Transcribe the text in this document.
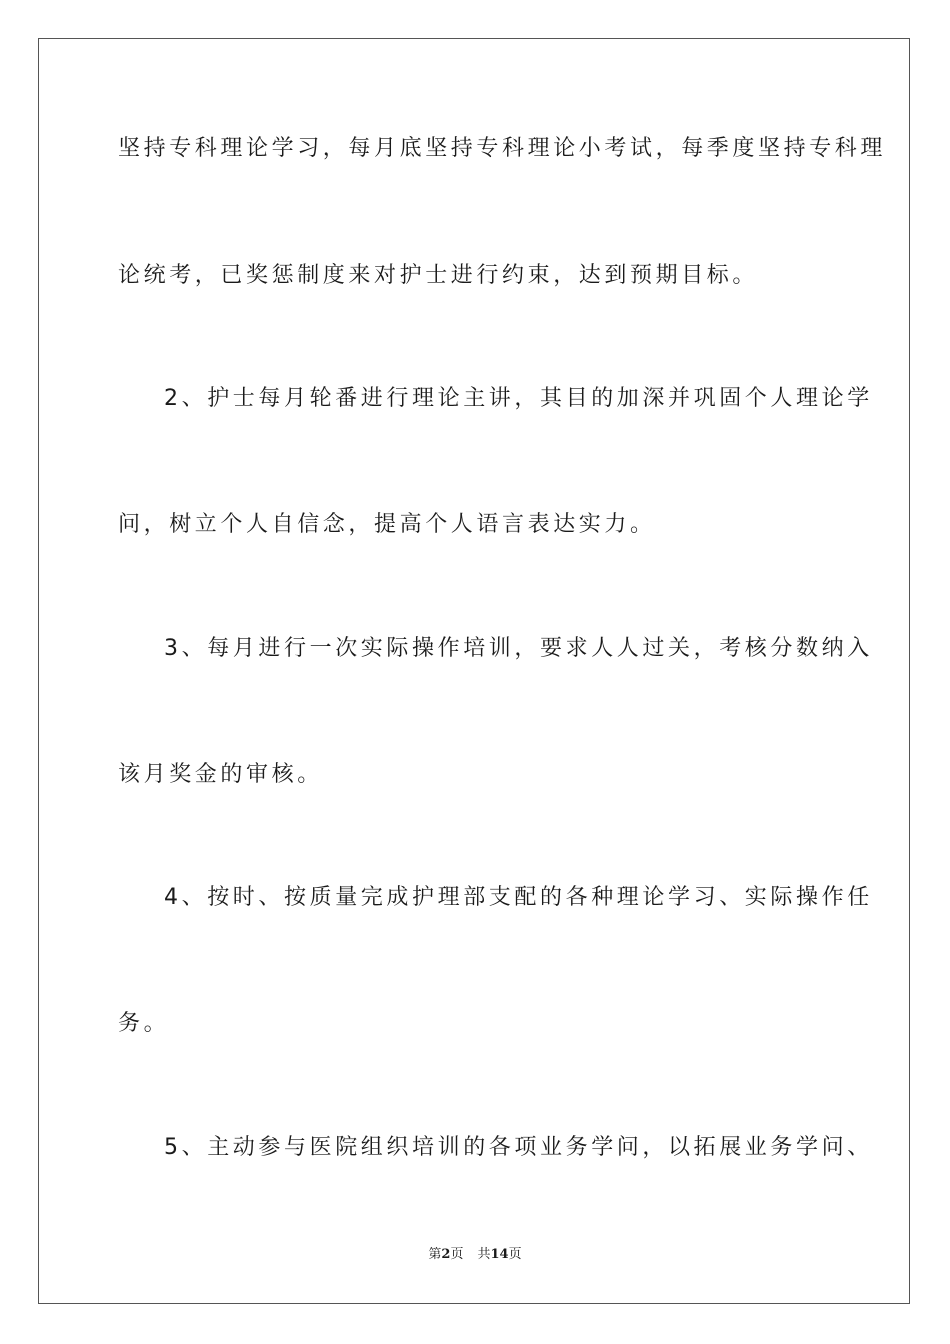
坚持专科理论学习，每月底坚持专科理论小考试，每季度坚持专科理
论统考，已奖惩制度来对护士进行约束，达到预期目标。
2、护士每月轮番进行理论主讲，其目的加深并巩固个人理论学
问，树立个人自信念，提高个人语言表达实力。
3、每月进行一次实际操作培训，要求人人过关，考核分数纳入
该月奖金的审核。
4、按时、按质量完成护理部支配的各种理论学习、实际操作任
务。
5、主动参与医院组织培训的各项业务学问，以拓展业务学问、
第2页 共14页
